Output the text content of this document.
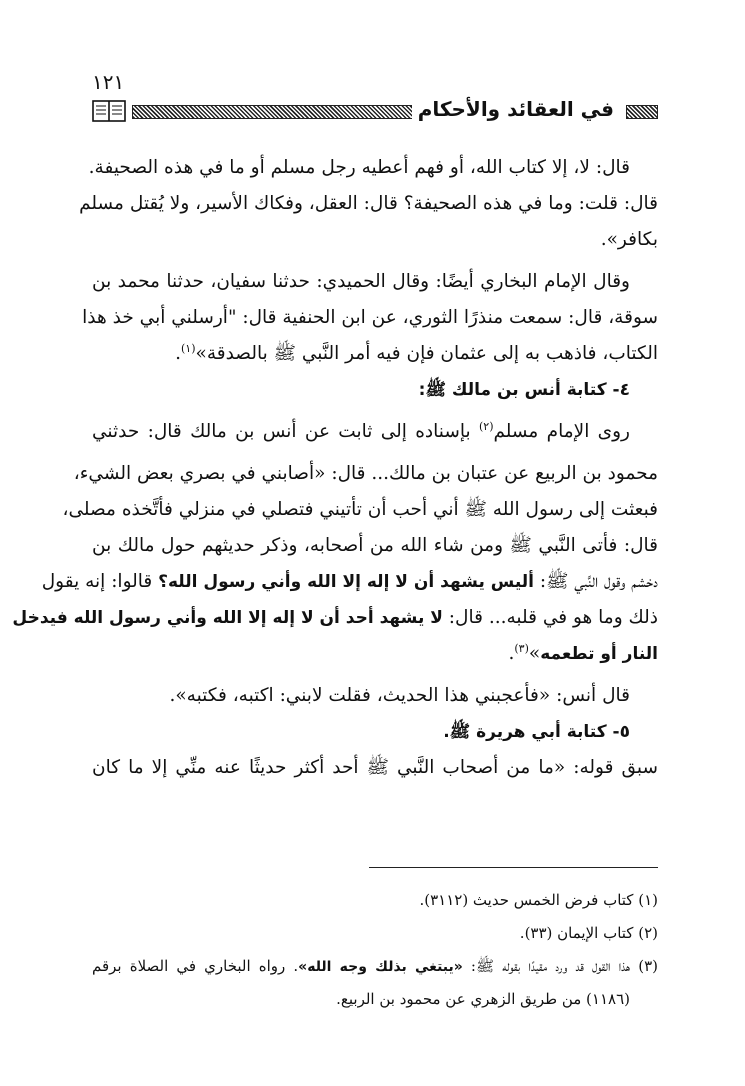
١٢١
في العقائد والأحكام
قال: لا، إلا كتاب الله، أو فهم أعطيه رجل مسلم أو ما في هذه الصحيفة.
قال: قلت: وما في هذه الصحيفة؟ قال: العقل، وفكاك الأسير، ولا يُقتل مسلم
بكافر».
وقال الإمام البخاري أيضًا: وقال الحميدي: حدثنا سفيان، حدثنا محمد بن
سوقة، قال: سمعت منذرًا الثوري، عن ابن الحنفية قال: "أرسلني أبي خذ هذا
الكتاب، فاذهب به إلى عثمان فإن فيه أمر النَّبي ﷺ بالصدقة»$^{(١)}$.
٤- كتابة أنس بن مالك ﷺ:
روى الإمام مسلم$^{(٢)}$ بإسناده إلى ثابت عن أنس بن مالك قال: حدثني
محمود بن الربيع عن عتبان بن مالك... قال: «أصابني في بصري بعض الشيء،
فبعثت إلى رسول الله ﷺ أني أحب أن تأتيني فتصلي في منزلي فأتَّخذه مصلى،
قال: فأتى النَّبي ﷺ ومن شاء الله من أصحابه، وذكر حديثهم حول مالك بن
دخشم وقول النَّبي ﷺ: أليس يشهد أن لا إله إلا الله وأني رسول الله؟ قالوا: إنه يقول
ذلك وما هو في قلبه... قال: لا يشهد أحد أن لا إله إلا الله وأني رسول الله فيدخل
النار أو تطعمه»$^{(٣)}$.
قال أنس: «فأعجبني هذا الحديث، فقلت لابني: اكتبه، فكتبه».
٥- كتابة أبي هريرة ﷺ.
سبق قوله: «ما من أصحاب النَّبي ﷺ أحد أكثر حديثًا عنه منِّي إلا ما كان
(١) كتاب فرض الخمس حديث (٣١١٢).
(٢) كتاب الإيمان (٣٣).
(٣) هذا القول قد ورد مقيدًا بقوله ﷺ: «يبتغي بذلك وجه الله». رواه البخاري في الصلاة برقم
(١١٨٦) من طريق الزهري عن محمود بن الربيع.
